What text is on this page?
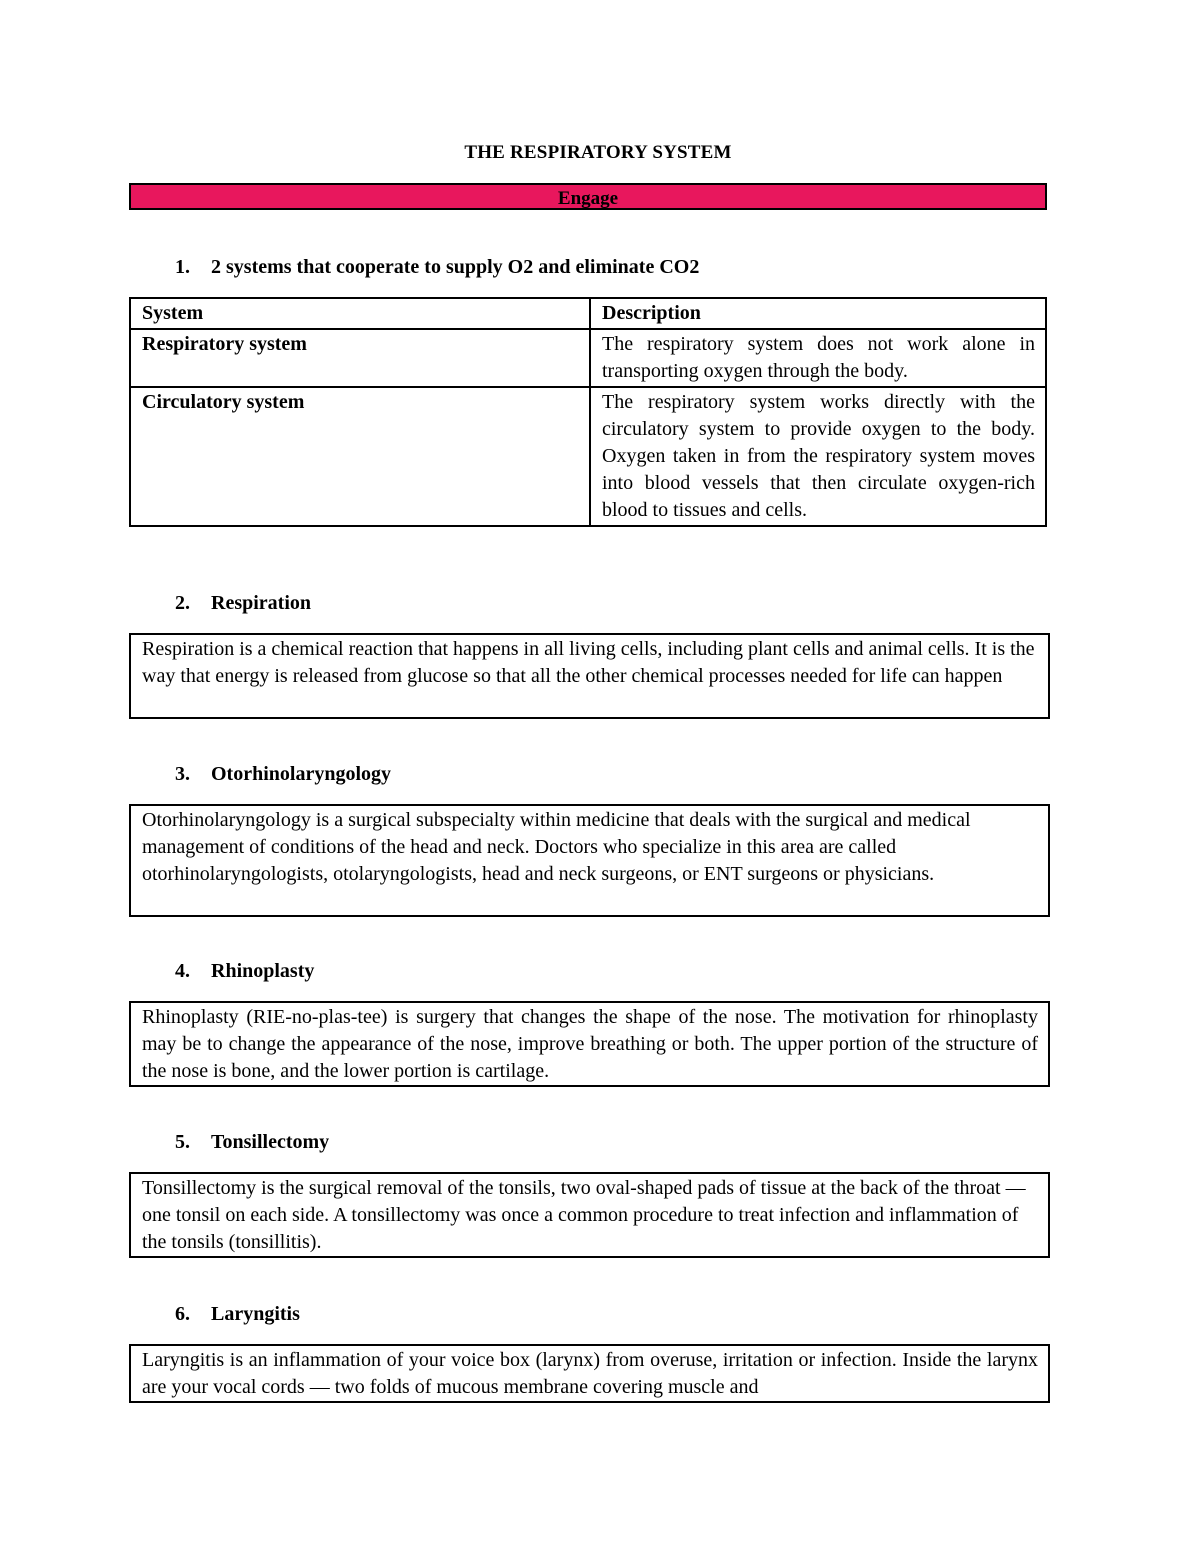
THE RESPIRATORY SYSTEM
Engage
1. 2 systems that cooperate to supply O2 and eliminate CO2
System	Description
Respiratory system	The respiratory system does not work alone in transporting oxygen through the body.
Circulatory system	The respiratory system works directly with the circulatory system to provide oxygen to the body. Oxygen taken in from the respiratory system moves into blood vessels that then circulate oxygen-rich blood to tissues and cells.
2. Respiration
Respiration is a chemical reaction that happens in all living cells, including plant cells and animal cells. It is the way that energy is released from glucose so that all the other chemical processes needed for life can happen
3. Otorhinolaryngology
Otorhinolaryngology is a surgical subspecialty within medicine that deals with the surgical and medical management of conditions of the head and neck. Doctors who specialize in this area are called otorhinolaryngologists, otolaryngologists, head and neck surgeons, or ENT surgeons or physicians.
4. Rhinoplasty
Rhinoplasty (RIE-no-plas-tee) is surgery that changes the shape of the nose. The motivation for rhinoplasty may be to change the appearance of the nose, improve breathing or both. The upper portion of the structure of the nose is bone, and the lower portion is cartilage.
5. Tonsillectomy
Tonsillectomy is the surgical removal of the tonsils, two oval-shaped pads of tissue at the back of the throat — one tonsil on each side. A tonsillectomy was once a common procedure to treat infection and inflammation of the tonsils (tonsillitis).
6. Laryngitis
Laryngitis is an inflammation of your voice box (larynx) from overuse, irritation or infection. Inside the larynx are your vocal cords — two folds of mucous membrane covering muscle and
